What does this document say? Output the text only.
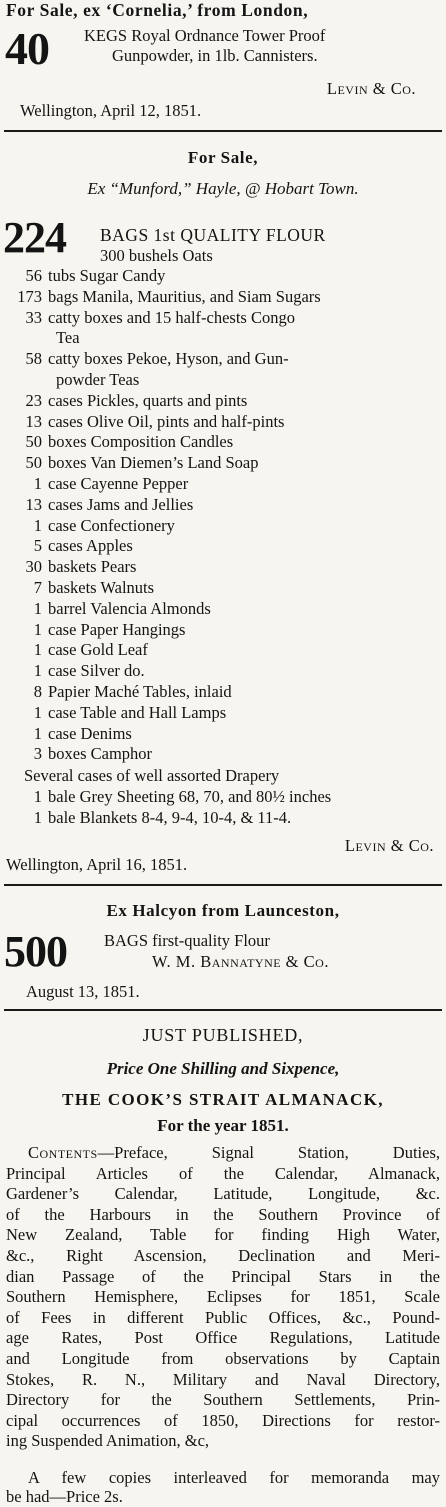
For Sale, ex ‘Cornelia,’ from London,
40 KEGS Royal Ordnance Tower Proof
Gunpowder, in 1lb. Cannisters.
Levin & Co.
Wellington, April 12, 1851.
For Sale,
Ex “Munford,” Hayle, @ Hobart Town.
224 BAGS 1st QUALITY FLOUR
300 bushels Oats
56 tubs Sugar Candy
173 bags Manila, Mauritius, and Siam Sugars
33 catty boxes and 15 half-chests Congo
Tea
58 catty boxes Pekoe, Hyson, and Gun-
powder Teas
23 cases Pickles, quarts and pints
13 cases Olive Oil, pints and half-pints
50 boxes Composition Candles
50 boxes Van Diemen’s Land Soap
1 case Cayenne Pepper
13 cases Jams and Jellies
1 case Confectionery
5 cases Apples
30 baskets Pears
7 baskets Walnuts
1 barrel Valencia Almonds
1 case Paper Hangings
1 case Gold Leaf
1 case Silver do.
8 Papier Maché Tables, inlaid
1 case Table and Hall Lamps
1 case Denims
3 boxes Camphor
Several cases of well assorted Drapery
1 bale Grey Sheeting 68, 70, and 80½ inches
1 bale Blankets 8-4, 9-4, 10-4, & 11-4.
Levin & Co.
Wellington, April 16, 1851.
Ex Halcyon from Launceston,
500 BAGS first-quality Flour
W. M. Bannatyne & Co.
August 13, 1851.
JUST PUBLISHED,
Price One Shilling and Sixpence,
THE COOK’S STRAIT ALMANACK,
For the year 1851.
Contents—Preface, Signal Station, Duties,
Principal Articles of the Calendar, Almanack,
Gardener’s Calendar, Latitude, Longitude, &c.
of the Harbours in the Southern Province of
New Zealand, Table for finding High Water,
&c., Right Ascension, Declination and Meri-
dian Passage of the Principal Stars in the
Southern Hemisphere, Eclipses for 1851, Scale
of Fees in different Public Offices, &c., Pound-
age Rates, Post Office Regulations, Latitude
and Longitude from observations by Captain
Stokes, R. N., Military and Naval Directory,
Directory for the Southern Settlements, Prin-
cipal occurrences of 1850, Directions for restor-
ing Suspended Animation, &c,
A few copies interleaved for memoranda may
be had—Price 2s.
